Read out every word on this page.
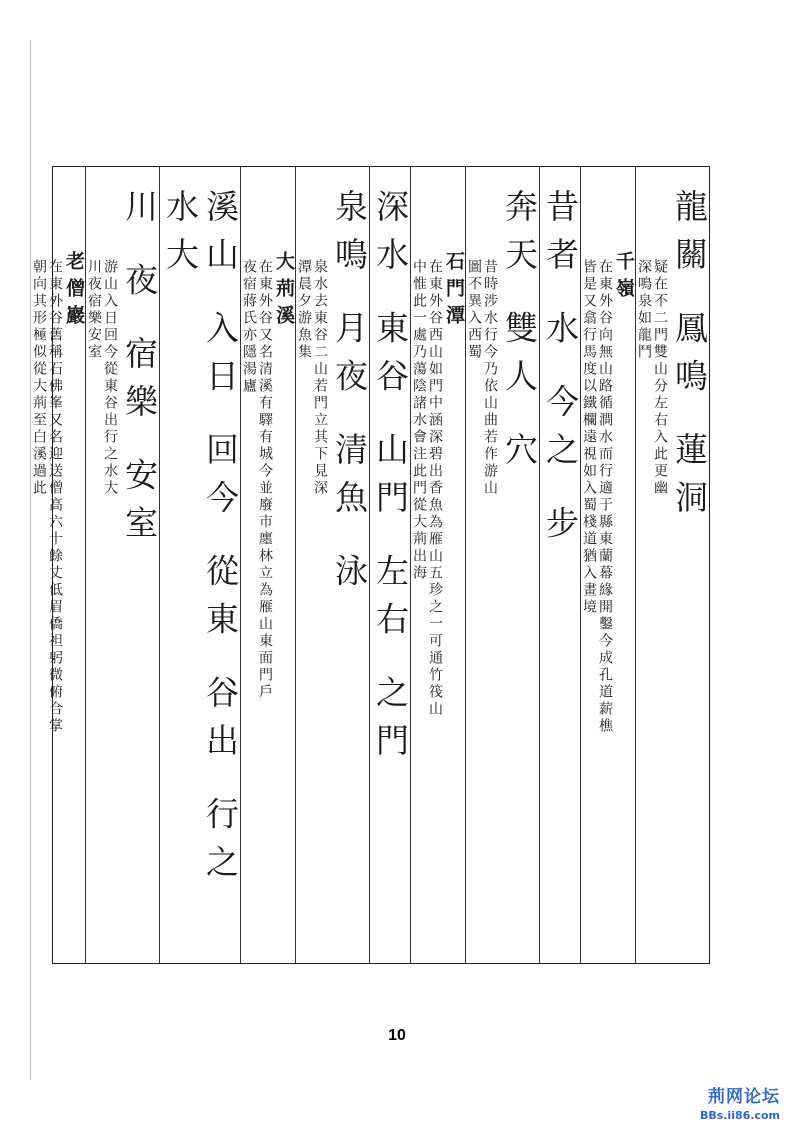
龍關 鳳鳴 蓮洞
疑在不二門雙山分左右入此更幽
深鳴泉如龍鬥
千嶺
在東外谷向無山路循澗水而行適于縣東蘭幕緣開鑿今成孔道薪樵
皆是又翕行馬度以鐵欄遠視如入蜀棧道猶入畫境
昔者 水 今之 步
奔天 雙人 穴
昔時涉水行今乃依山曲若作游山
圖不異入西蜀
石門潭
在東外谷西山如門中涵深碧出香魚為雁山五珍之一可通竹筏山
中惟此一處乃蕩陰諸水會注此門從大荊出海
深水 東谷 山門 左右 之門
泉鳴 月夜 清魚 泳
泉水去東谷二山若門立其下見深
潭晨夕游魚集
大荊溪
在東外谷又名清溪有驛有城今並廢市廛林立為雁山東面門戶
夜宿蔣氏亦隱湯廬
溪山 入日 回今 從東 谷出 行之 水大
川 夜 宿樂 安室
游山入日回今從東谷出行之水大
川夜宿樂安室
老僧巖
在東外谷舊稱石佛峯又名迎送僧高六十餘丈低眉僑袒躬微俯合掌
朝向其形極似從大荊至白溪過此
10
荊网论坛
BBs.ii86.com
